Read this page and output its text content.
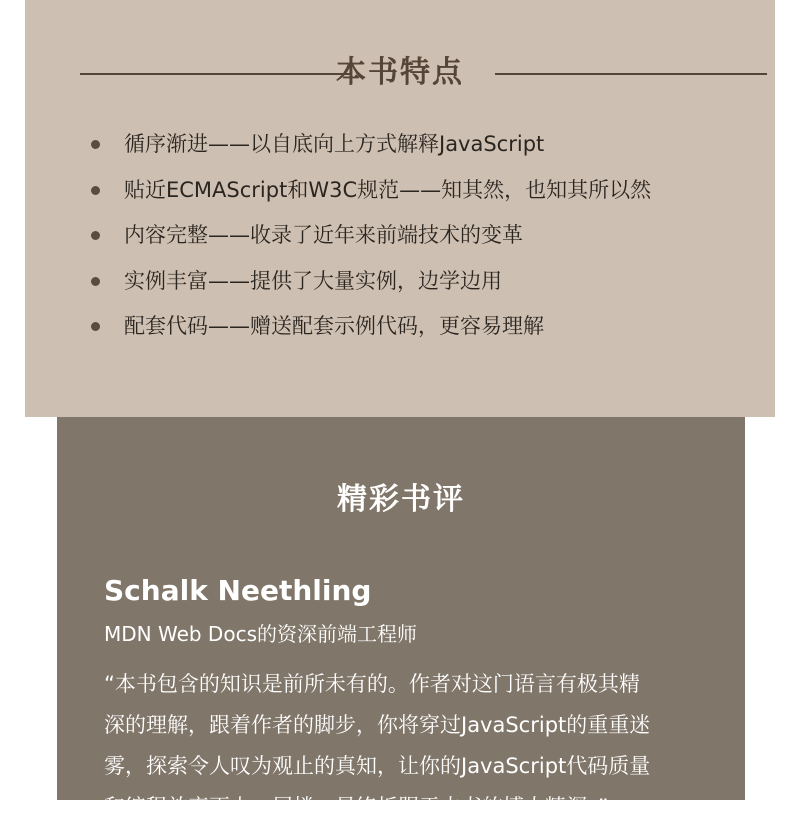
本书特点
循序渐进——以自底向上方式解释JavaScript
贴近ECMAScript和W3C规范——知其然，也知其所以然
内容完整——收录了近年来前端技术的变革
实例丰富——提供了大量实例，边学边用
配套代码——赠送配套示例代码，更容易理解
精彩书评
Schalk Neethling
MDN Web Docs的资深前端工程师
“本书包含的知识是前所未有的。作者对这门语言有极其精
深的理解，跟着作者的脚步，你将穿过JavaScript的重重迷
雾，探索令人叹为观止的真知，让你的JavaScript代码质量
和编程效率更上一层楼，最终折服于本书的博大精深。”
